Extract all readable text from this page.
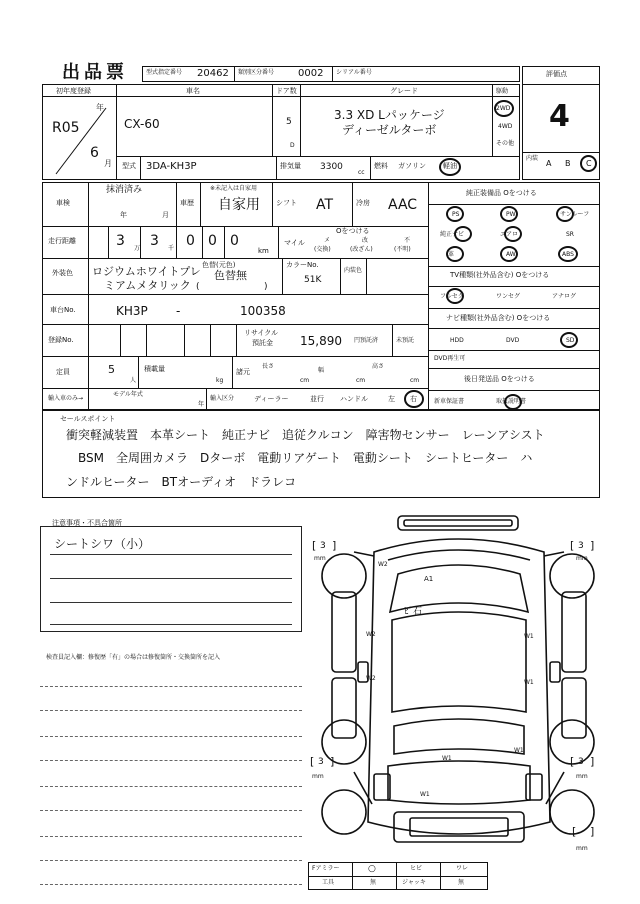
出品票	型式指定番号 20462 類別区分番号 0002 シリアル番号	評価点
4
内装
A B C
初年度登録
R05
年
6
月
車名
CX-60
ドア数
5
D
グレード
3.3 XD Lパッケージ
ディーゼルターボ
駆動
2WD
4WD
その他
型式 3DA-KH3P	排気量 3300
cc
燃料 ガソリン 軽油
車検
抹消済み
年	月
車歴
※未記入は自家用
自家用 シフト AT	冷房 AAC
走行距離	3 万 3 千 0 0 0
km
マイル
Oをつける
メ
(交換)
改
(改ざん)
不
(不明)
外装色 ロジウムホワイトプレ
ミアムメタリック
色替(元色)
色替無
(	)
カラーNo.
51K
内装色
車台No.	KH3P -	100358
登録No.
リサイクル
預託金 15,890 円預託済	未預託
定員	5
人
積載量
kg
諸元
長さ
cm
幅
cm
高さ
cm
輸入車のみ→
モデル年式
年
輸入区分	ディーラー	並行 ハンドル	左 右
純正装備品 Oをつける
PS	PW	サンルーフ
純正ナビ	エアロ	SR
革	AW	ABS
TV種類(社外品含む) Oをつける
フルセグ	ワンセグ	アナログ
ナビ種類(社外品含む) Oをつける
HDD	DVD	SD
DVD再生可
後日発送品 Oをつける
新車保証書	取扱説明書
セールスポイント
衝突軽減装置　本革シート　純正ナビ　追従クルコン　障害物センサー　レーンアシスト
BSM　全周囲カメラ　Dターボ　電動リアゲート　電動シート　シートヒーター　ハ
ンドルヒーター　BTオーディオ　ドラレコ
注意事項・不具合箇所
シートシワ（小）
検査員記入欄：修復歴「有」の場合は修復箇所・交換箇所を記入
A1
ﾋﾞ石
W2
W2
W2
W1
W1
W1
W1
W1
[ 3 ]
mm
[ 3 ]
mm
[ 3 ]
mm
[ 3 ]
mm
[ ]
mm
Fアミラー	○	ヒビ	ワレ
工具	無	ジャッキ	無
